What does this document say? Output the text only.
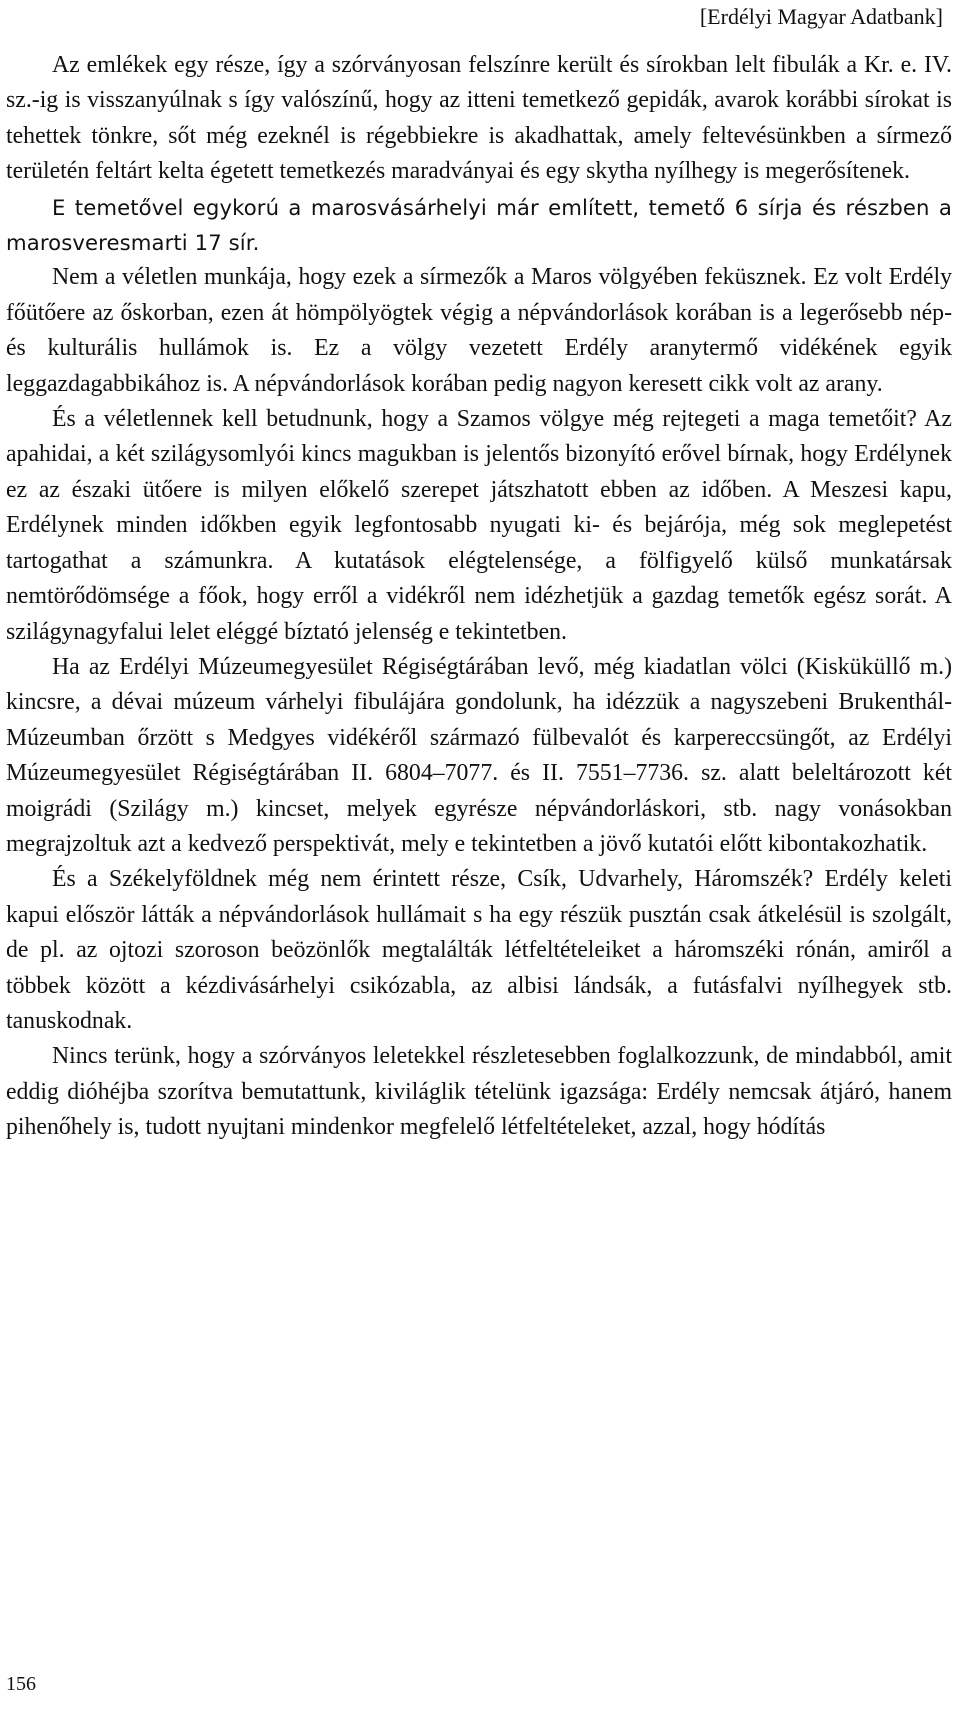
[Erdélyi Magyar Adatbank]

Az emlékek egy része, így a szórványosan felszínre került és sírokban lelt fibulák a Kr. e. IV. sz.-ig is visszanyúlnak s így valószínű, hogy az itteni temetkező gepidák, avarok korábbi sírokat is tehettek tönkre, sőt még ezeknél is régebbiekre is akadhattak, amely feltevésünkben a sírmező területén feltárt kelta égetett temetkezés maradványai és egy skytha nyílhegy is megerősítenek.

E temetővel egykorú a marosvásárhelyi már említett, temető 6 sírja és részben a marosveresmarti 17 sír.

Nem a véletlen munkája, hogy ezek a sírmezők a Maros völgyében feküsznek. Ez volt Erdély főütőere az őskorban, ezen át hömpölyögtek végig a népvándorlások korában is a legerősebb nép- és kulturális hullámok is. Ez a völgy vezetett Erdély aranytermő vidékének egyik leggazdagabbikához is. A népvándorlások korában pedig nagyon keresett cikk volt az arany.

És a véletlennek kell betudnunk, hogy a Szamos völgye még rejtegeti a maga temetőit? Az apahidai, a két szilágysomlyói kincs magukban is jelentős bizonyító erővel bírnak, hogy Erdélynek ez az északi ütőere is milyen előkelő szerepet játszhatott ebben az időben. A Meszesi kapu, Erdélynek minden időkben egyik legfontosabb nyugati ki- és bejárója, még sok meglepetést tartogathat a számunkra. A kutatások elégtelensége, a fölfigyelő külső munkatársak nemtörődömsége a főok, hogy erről a vidékről nem idézhetjük a gazdag temetők egész sorát. A szilágynagyfalui lelet eléggé bíztató jelenség e tekintetben.

Ha az Erdélyi Múzeumegyesület Régiségtárában levő, még kiadatlan völci (Kisküküllő m.) kincsre, a dévai múzeum várhelyi fibulájára gondolunk, ha idézzük a nagyszebeni Brukenthál-Múzeumban őrzött s Medgyes vidékéről származó fülbevalót és karpereccsüngőt, az Erdélyi Múzeumegyesület Régiségtárában II. 6804–7077. és II. 7551–7736. sz. alatt beleltározott két moigrádi (Szilágy m.) kincset, melyek egyrésze népvándorláskori, stb. nagy vonásokban megrajzoltuk azt a kedvező perspektivát, mely e tekintetben a jövő kutatói előtt kibontakozhatik.

És a Székelyföldnek még nem érintett része, Csík, Udvarhely, Háromszék? Erdély keleti kapui először látták a népvándorlások hullámait s ha egy részük pusztán csak átkelésül is szolgált, de pl. az ojtozi szoroson beözönlők megtalálták létfeltételeiket a háromszéki rónán, amiről a többek között a kézdivásárhelyi csikózabla, az albisi lándsák, a futásfalvi nyílhegyek stb. tanuskodnak.

Nincs terünk, hogy a szórványos leletekkel részletesebben foglalkozzunk, de mindabból, amit eddig dióhéjba szorítva bemutattunk, kiviláglik tételünk igazsága: Erdély nemcsak átjáró, hanem pihenőhely is, tudott nyujtani mindenkor megfelelő létfeltételeket, azzal, hogy hódítás

156
